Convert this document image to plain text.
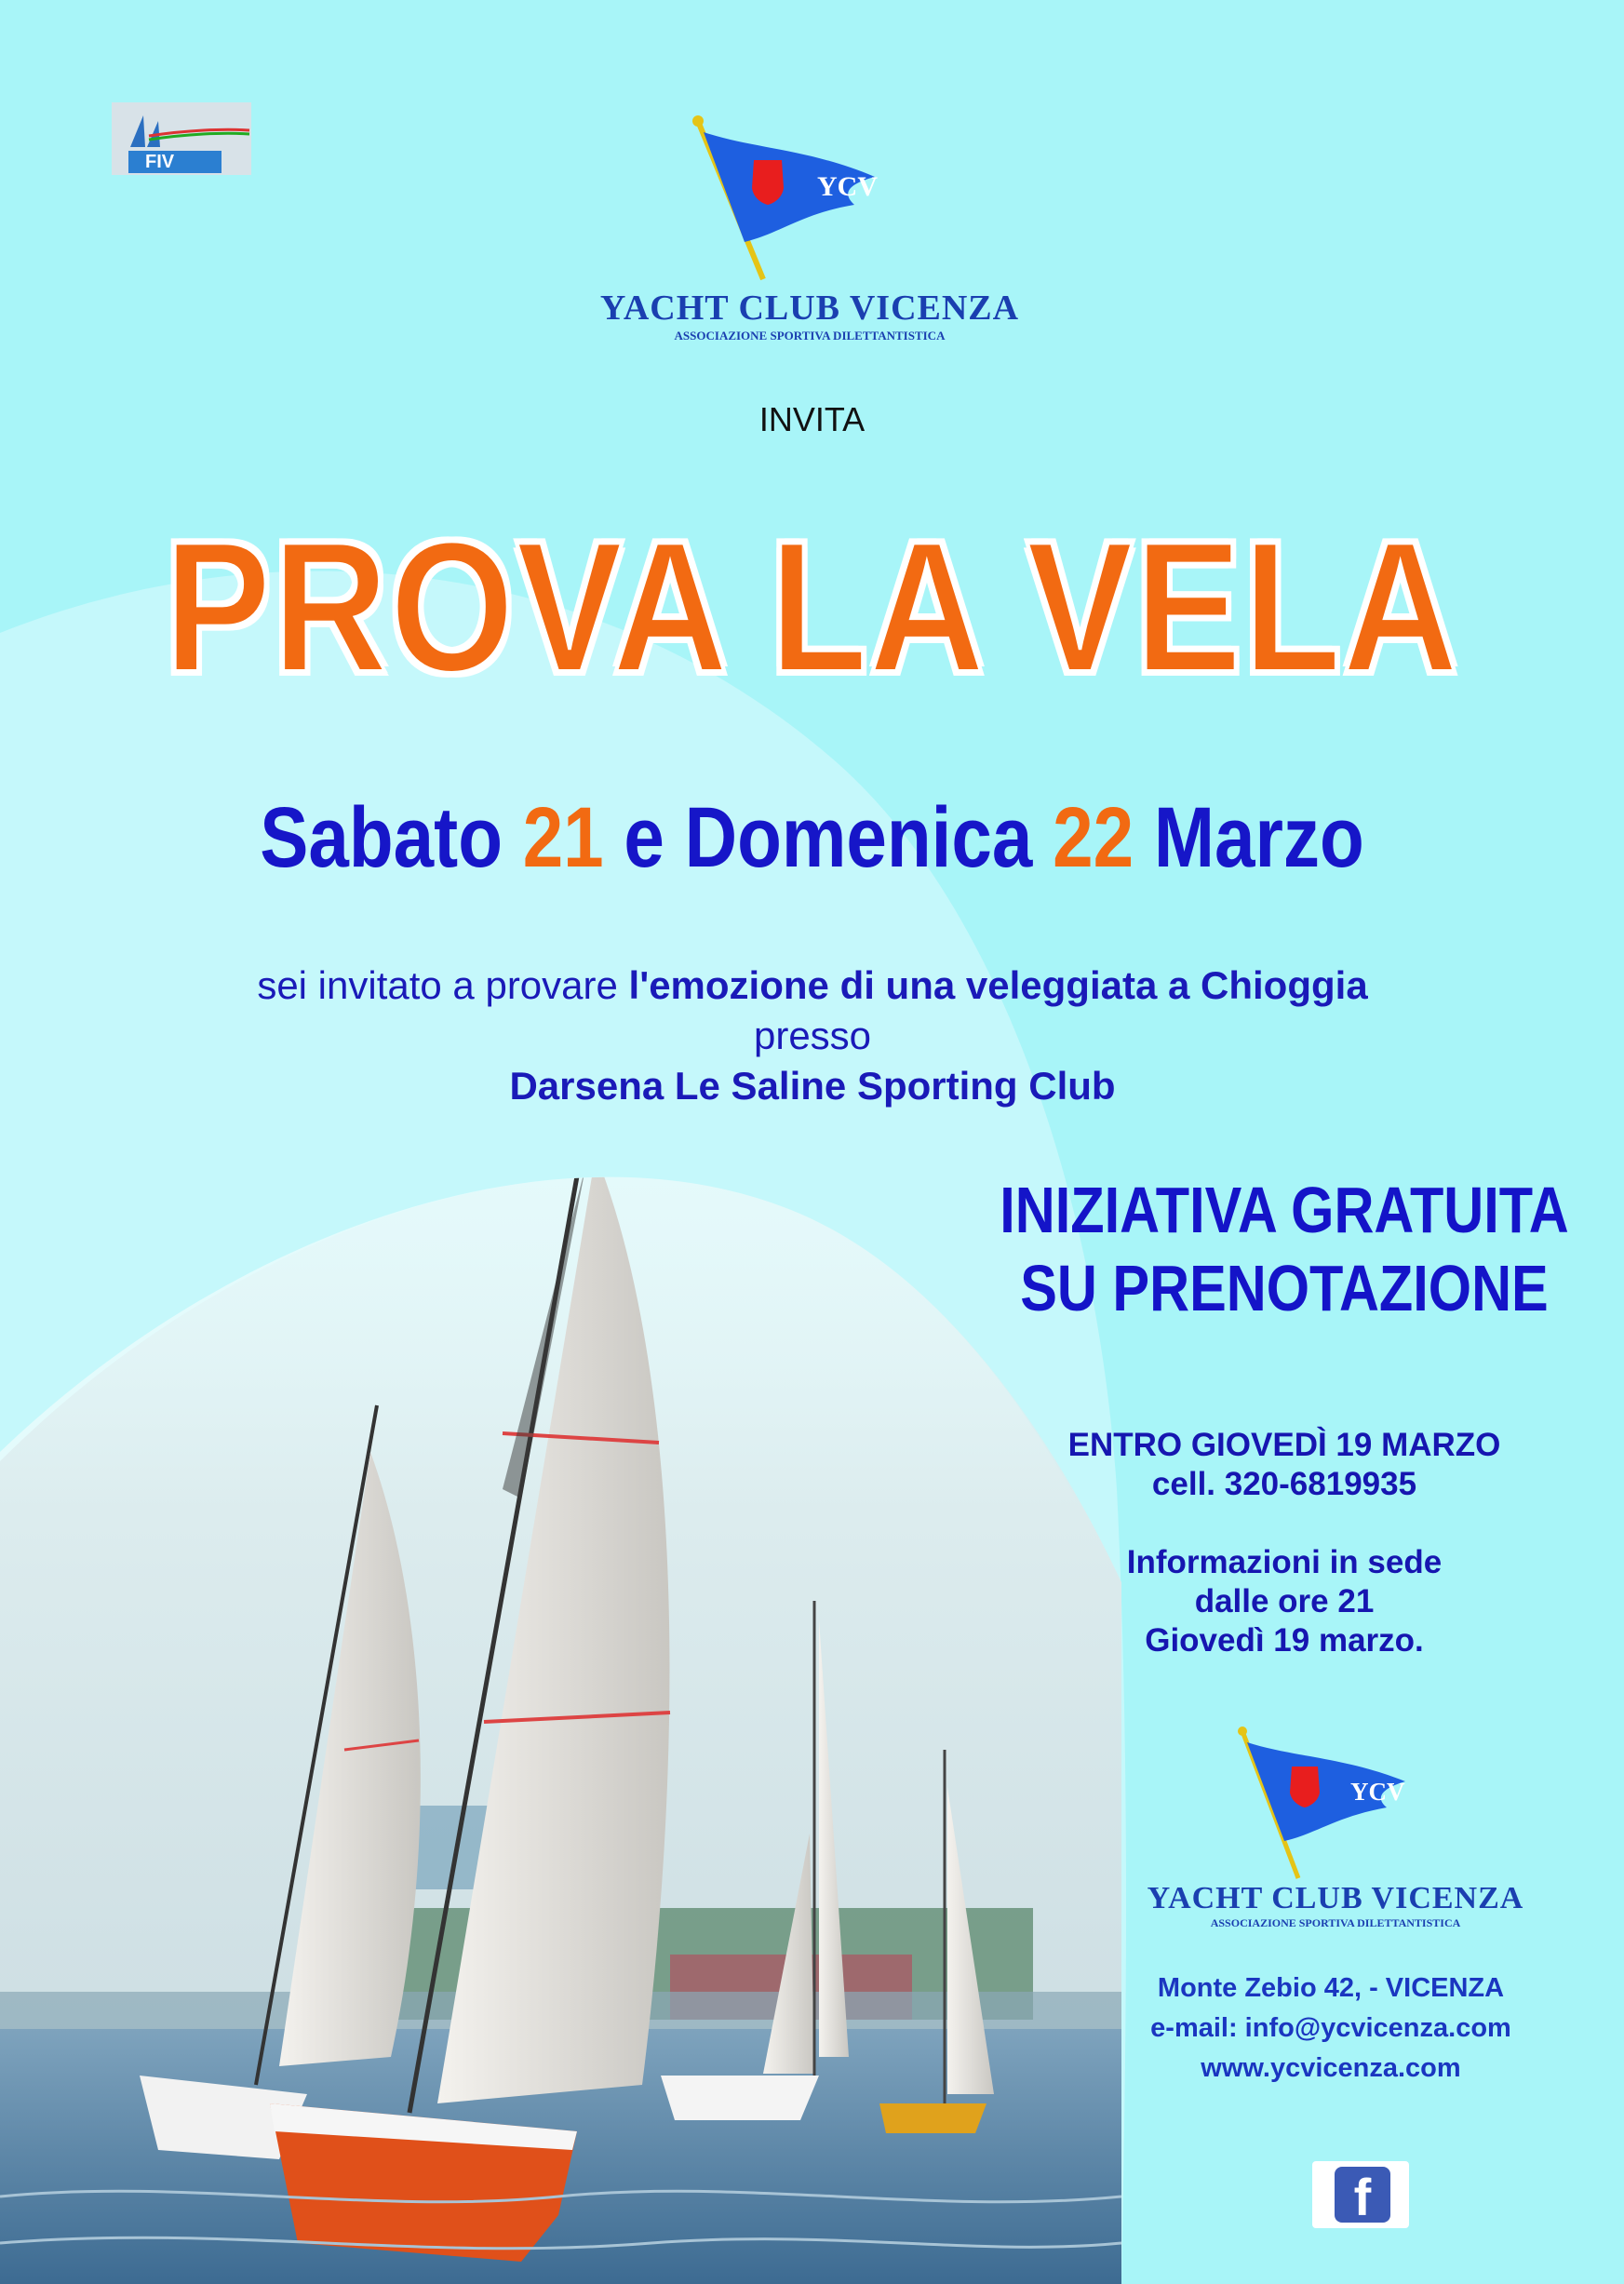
FIV
YCV
YACHT CLUB VICENZA
ASSOCIAZIONE SPORTIVA DILETTANTISTICA
INVITA
PROVA LA VELA
Sabato 21 e Domenica 22 Marzo
sei invitato a provare l'emozione di una veleggiata a Chioggia
presso
Darsena Le Saline Sporting Club
INIZIATIVA GRATUITA
SU PRENOTAZIONE
ENTRO GIOVEDÌ 19 MARZO
cell. 320-6819935
Informazioni in sede
dalle ore 21
Giovedì 19 marzo.
YCV
YACHT CLUB VICENZA
ASSOCIAZIONE SPORTIVA DILETTANTISTICA
Monte Zebio 42, - VICENZA
e-mail: info@ycvicenza.com
www.ycvicenza.com
f
